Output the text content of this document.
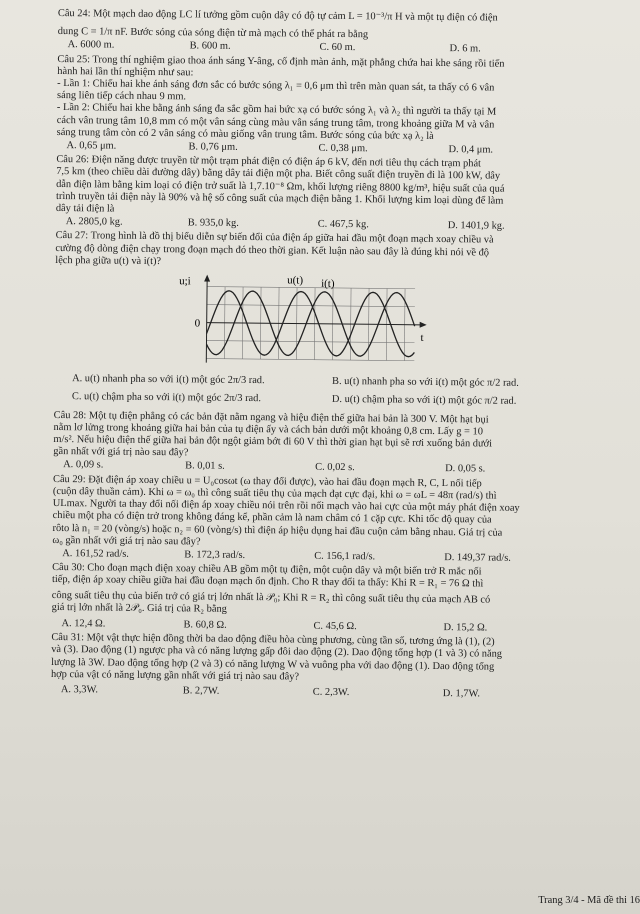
Câu 24: Một mạch dao động LC lí tưởng gồm cuộn dây có độ tự cảm L = 10⁻³/π H và một tụ điện có điện
dung C = 1/π nF. Bước sóng của sóng điện từ mà mạch có thể phát ra bằng
A. 6000 m.	B. 600 m.	C. 60 m.	D. 6 m.
Câu 25: Trong thí nghiệm giao thoa ánh sáng Y-âng, cố định màn ảnh, mặt phẳng chứa hai khe sáng rồi tiến
hành hai lần thí nghiệm như sau:
- Lần 1: Chiếu hai khe ánh sáng đơn sắc có bước sóng λ₁ = 0,6 μm thì trên màn quan sát, ta thấy có 6 vân
sáng liên tiếp cách nhau 9 mm.
- Lần 2: Chiếu hai khe bằng ánh sáng đa sắc gồm hai bức xạ có bước sóng λ₁ và λ₂ thì người ta thấy tại M
cách vân trung tâm 10,8 mm có một vân sáng cùng màu vân sáng trung tâm, trong khoảng giữa M và vân
sáng trung tâm còn có 2 vân sáng có màu giống vân trung tâm. Bước sóng của bức xạ λ₂ là
A. 0,65 μm.	B. 0,76 μm.	C. 0,38 μm.	D. 0,4 μm.
Câu 26: Điện năng được truyền từ một trạm phát điện có điện áp 6 kV, đến nơi tiêu thụ cách trạm phát
7,5 km (theo chiều dài đường dây) bằng dây tải điện một pha. Biết công suất điện truyền đi là 100 kW, dây
dẫn điện làm bằng kim loại có điện trở suất là 1,7.10⁻⁸ Ωm, khối lượng riêng 8800 kg/m³, hiệu suất của quá
trình truyền tải điện này là 90% và hệ số công suất của mạch điện bằng 1. Khối lượng kim loại dùng để làm
dây tải điện là
A. 2805,0 kg.	B. 935,0 kg.	C. 467,5 kg.	D. 1401,9 kg.
Câu 27: Trong hình là đồ thị biểu diễn sự biến đổi của điện áp giữa hai đầu một đoạn mạch xoay chiều và
cường độ dòng điện chạy trong đoạn mạch đó theo thời gian. Kết luận nào sau đây là đúng khi nói về độ
lệch pha giữa u(t) và i(t)?
u;i
0
t
u(t) i(t)
A. u(t) nhanh pha so với i(t) một góc 2π/3 rad.	B. u(t) nhanh pha so với i(t) một góc π/2 rad.
C. u(t) chậm pha so với i(t) một góc 2π/3 rad.	D. u(t) chậm pha so với i(t) một góc π/2 rad.
Câu 28: Một tụ điện phẳng có các bản đặt nằm ngang và hiệu điện thế giữa hai bản là 300 V. Một hạt bụi
nằm lơ lửng trong khoảng giữa hai bản của tụ điện ấy và cách bản dưới một khoảng 0,8 cm. Lấy g = 10
m/s². Nếu hiệu điện thế giữa hai bản đột ngột giảm bớt đi 60 V thì thời gian hạt bụi sẽ rơi xuống bản dưới
gần nhất với giá trị nào sau đây?
A. 0,09 s.	B. 0,01 s.	C. 0,02 s.	D. 0,05 s.
Câu 29: Đặt điện áp xoay chiều u = U₀cosωt (ω thay đổi được), vào hai đầu đoạn mạch R, C, L nối tiếp
(cuộn dây thuần cảm). Khi ω = ω₀ thì công suất tiêu thụ của mạch đạt cực đại, khi ω = ωL = 48π (rad/s) thì
ULmax. Người ta thay đổi nối điện áp xoay chiều nói trên rồi nối mạch vào hai cực của một máy phát điện xoay
chiều một pha có điện trở trong không đáng kể, phần cảm là nam châm có 1 cặp cực. Khi tốc độ quay của
rôto là n₁ = 20 (vòng/s) hoặc n₂ = 60 (vòng/s) thì điện áp hiệu dụng hai đầu cuộn cảm bằng nhau. Giá trị của
ω₀ gần nhất với giá trị nào sau đây?
A. 161,52 rad/s.	B. 172,3 rad/s.	C. 156,1 rad/s.	D. 149,37 rad/s.
Câu 30: Cho đoạn mạch điện xoay chiều AB gồm một tụ điện, một cuộn dây và một biến trở R mắc nối
tiếp, điện áp xoay chiều giữa hai đầu đoạn mạch ổn định. Cho R thay đổi ta thấy: Khi R = R₁ = 76 Ω thì
công suất tiêu thụ của biến trở có giá trị lớn nhất là 𝒫₀; Khi R = R₂ thì công suất tiêu thụ của mạch AB có
giá trị lớn nhất là 2𝒫₀. Giá trị của R₂ bằng
A. 12,4 Ω.	B. 60,8 Ω.	C. 45,6 Ω.	D. 15,2 Ω.
Câu 31: Một vật thực hiện đồng thời ba dao động điều hòa cùng phương, cùng tần số, tương ứng là (1), (2)
và (3). Dao động (1) ngược pha và có năng lượng gấp đôi dao động (2). Dao động tổng hợp (1 và 3) có năng
lượng là 3W. Dao động tổng hợp (2 và 3) có năng lượng W và vuông pha với dao động (1). Dao động tổng
hợp của vật có năng lượng gần nhất với giá trị nào sau đây?
A. 3,3W.	B. 2,7W.	C. 2,3W.	D. 1,7W.
Trang 3/4 - Mã đề thi 16
